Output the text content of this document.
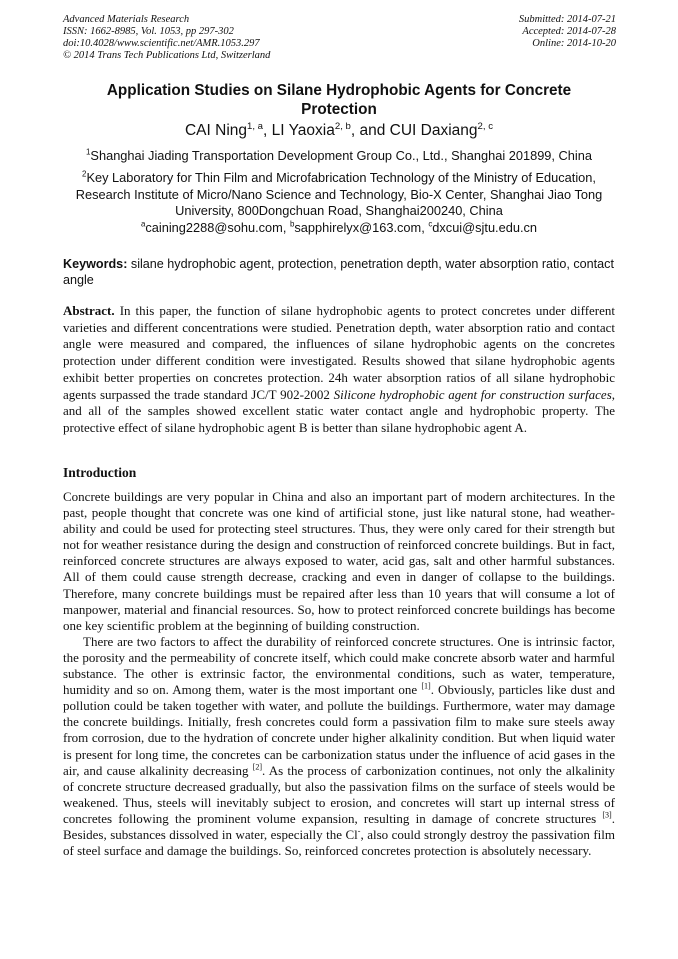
Advanced Materials Research
ISSN: 1662-8985, Vol. 1053, pp 297-302
doi:10.4028/www.scientific.net/AMR.1053.297
© 2014 Trans Tech Publications Ltd, Switzerland
Submitted: 2014-07-21
Accepted: 2014-07-28
Online: 2014-10-20
Application Studies on Silane Hydrophobic Agents for Concrete Protection
CAI Ning$^{1, a}$, LI Yaoxia$^{2, b}$, and CUI Daxiang$^{2, c}$
$^1$Shanghai Jiading Transportation Development Group Co., Ltd., Shanghai 201899, China
$^2$Key Laboratory for Thin Film and Microfabrication Technology of the Ministry of Education, Research Institute of Micro/Nano Science and Technology, Bio-X Center, Shanghai Jiao Tong University, 800Dongchuan Road, Shanghai200240, China
$^a$caining2288@sohu.com, $^b$sapphirelyx@163.com, $^c$dxcui@sjtu.edu.cn
Keywords: silane hydrophobic agent, protection, penetration depth, water absorption ratio, contact angle
Abstract. In this paper, the function of silane hydrophobic agents to protect concretes under different varieties and different concentrations were studied. Penetration depth, water absorption ratio and contact angle were measured and compared, the influences of silane hydrophobic agents on the concretes protection under different condition were investigated. Results showed that silane hydrophobic agents exhibit better properties on concretes protection. 24h water absorption ratios of all silane hydrophobic agents surpassed the trade standard JC/T 902-2002 Silicone hydrophobic agent for construction surfaces, and all of the samples showed excellent static water contact angle and hydrophobic property. The protective effect of silane hydrophobic agent B is better than silane hydrophobic agent A.
Introduction

Concrete buildings are very popular in China and also an important part of modern architectures. In the past, people thought that concrete was one kind of artificial stone, just like natural stone, had weather-ability and could be used for protecting steel structures. Thus, they were only cared for their strength but not for weather resistance during the design and construction of reinforced concrete buildings. But in fact, reinforced concrete structures are always exposed to water, acid gas, salt and other harmful substances. All of them could cause strength decrease, cracking and even in danger of collapse to the buildings. Therefore, many concrete buildings must be repaired after less than 10 years that will consume a lot of manpower, material and financial resources. So, how to protect reinforced concrete buildings has become one key scientific problem at the beginning of building construction.

There are two factors to affect the durability of reinforced concrete structures. One is intrinsic factor, the porosity and the permeability of concrete itself, which could make concrete absorb water and harmful substance. The other is extrinsic factor, the environmental conditions, such as water, temperature, humidity and so on. Among them, water is the most important one [1]. Obviously, particles like dust and pollution could be taken together with water, and pollute the buildings. Furthermore, water may damage the concrete buildings. Initially, fresh concretes could form a passivation film to make sure steels away from corrosion, due to the hydration of concrete under higher alkalinity condition. But when liquid water is present for long time, the concretes can be carbonization status under the influence of acid gases in the air, and cause alkalinity decreasing [2]. As the process of carbonization continues, not only the alkalinity of concrete structure decreased gradually, but also the passivation films on the surface of steels would be weakened. Thus, steels will inevitably subject to erosion, and concretes will start up internal stress of concretes following the prominent volume expansion, resulting in damage of concrete structures [3]. Besides, substances dissolved in water, especially the Cl-, also could strongly destroy the passivation film of steel surface and damage the buildings. So, reinforced concretes protection is absolutely necessary.
